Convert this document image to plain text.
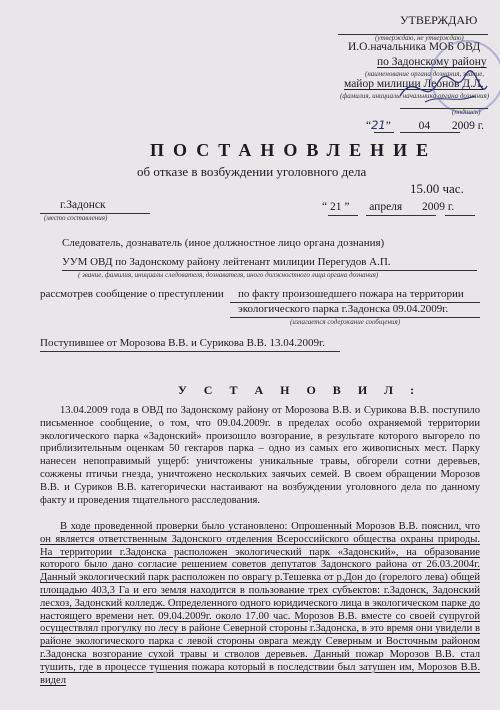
УТВЕРЖДАЮ
(утверждаю, не утверждаю)
И.О.начальника МОБ ОВД
по Задонскому району
(наименование органа дознания, звание,
майор милиции Леонов Д.Л.
(фамилия, инициалы начальника органа дознания)
(подпись)
“21” 04 2009 г.
ПОСТАНОВЛЕНИЕ
об отказе в возбуждении уголовного дела
15.00 час.
г.Задонск
(место составления)
“ 21 ” апреля 2009 г.
Следователь, дознаватель (иное должностное лицо органа дознания)
УУМ ОВД по Задонскому району лейтенант милиции Перегудов А.П.
( звание, фамилия, инициалы следователя, дознавателя, иного должностного лица органа дознания)
рассмотрев сообщение о преступлении по факту произошедшего пожара на территории
экологического парка г.Задонска 09.04.2009г.
(излагается содержание сообщения)
Поступившее от Морозова В.В. и Сурикова В.В. 13.04.2009г.
У С Т А Н О В И Л :

13.04.2009 года в ОВД по Задонскому району от Морозова В.В. и Сурикова В.В. поступило письменное сообщение, о том, что 09.04.2009г. в пределах особо охраняемой территории экологического парка «Задонский» произошло возгорание, в результате которого выгорело по приблизительным оценкам 50 гектаров парка – одно из самых его живописных мест. Парку нанесен непоправимый ущерб: уничтожены уникальные травы, обгорели сотни деревьев, сожжены птичьи гнезда, уничтожено нескольких заячьих семей. В своем обращении Морозов В.В. и Суриков В.В. категорически настаивают на возбуждении уголовного дела по данному факту и проведения тщательного расследования.

В ходе проведенной проверки было установлено: Опрошенный Морозов В.В. пояснил, что он является ответственным Задонского отделения Всероссийского общества охраны природы. На территории г.Задонска расположен экологический парк «Задонский», на образование которого было дано согласие решением советов депутатов Задонского района от 26.03.2004г. Данный экологический парк расположен по оврагу р.Тешевка от р.Дон до (горелого лева) общей площадью 403,3 Га и его земля находится в пользование трех субъектов: г.Задонск, Задонский лесхоз, Задонский колледж. Определенного одного юридического лица в экологическом парке до настоящего времени нет. 09.04.2009г. около 17.00 час. Морозов В.В. вместе со своей супругой осуществлял прогулку по лесу в районе Северной стороны г.Задонска, в это время они увидели в районе экологического парка с левой стороны оврага между Северным и Восточным районом г.Задонска возгорание сухой травы и стволов деревьев. Данный пожар Морозов В.В. стал тушить, где в процессе тушения пожара который в последствии был затушен им, Морозов В.В. видел
